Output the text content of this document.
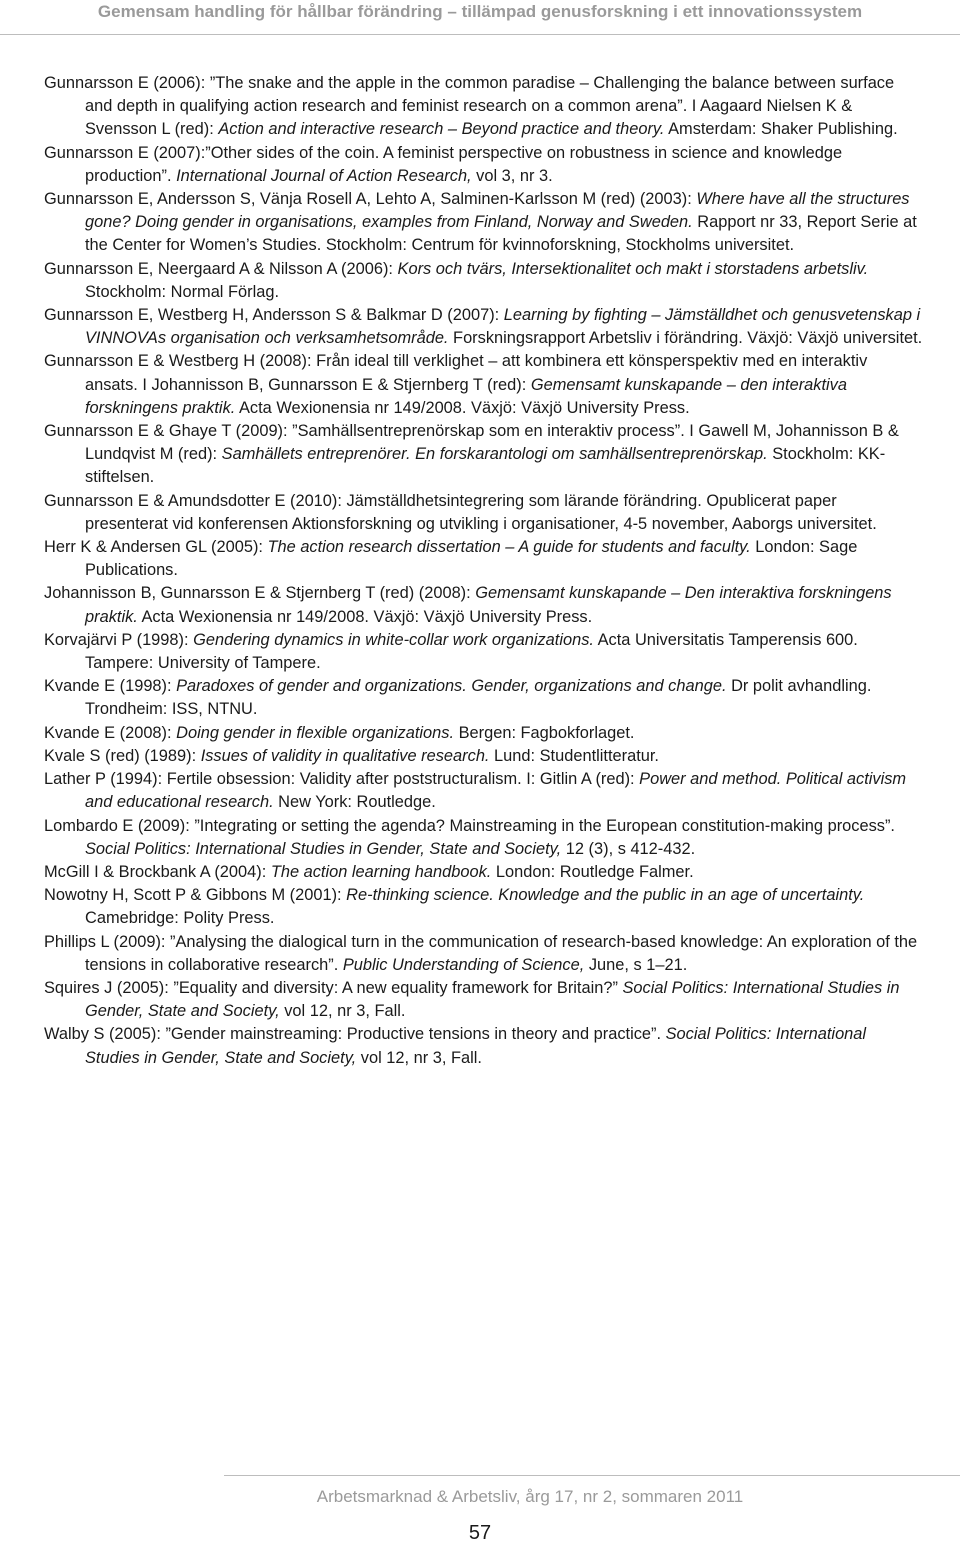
Gemensam handling för hållbar förändring – tillämpad genusforskning i ett innovationssystem

Gunnarsson E (2006): ”The snake and the apple in the common paradise – Challenging the balance between surface and depth in qualifying action research and feminist research on a common arena”. I Aagaard Nielsen K & Svensson L (red): Action and interactive research – Beyond practice and theory. Amsterdam: Shaker Publishing.

Gunnarsson E (2007):”Other sides of the coin. A feminist perspective on robustness in science and knowledge production”. International Journal of Action Research, vol 3, nr 3.

Gunnarsson E, Andersson S, Vänja Rosell A, Lehto A, Salminen-Karlsson M (red) (2003): Where have all the structures gone? Doing gender in organisations, examples from Finland, Norway and Sweden. Rapport nr 33, Report Serie at the Center for Women’s Studies. Stockholm: Centrum för kvinnoforskning, Stockholms universitet.

Gunnarsson E, Neergaard A & Nilsson A (2006): Kors och tvärs, Intersektionalitet och makt i storstadens arbetsliv. Stockholm: Normal Förlag.

Gunnarsson E, Westberg H, Andersson S & Balkmar D (2007): Learning by fighting – Jämställdhet och genusvetenskap i VINNOVAs organisation och verksamhetsområde. Forskningsrapport Arbetsliv i förändring. Växjö: Växjö universitet.

Gunnarsson E & Westberg H (2008): Från ideal till verklighet – att kombinera ett könsperspektiv med en interaktiv ansats. I Johannisson B, Gunnarsson E & Stjernberg T (red): Gemensamt kunskapande – den interaktiva forskningens praktik. Acta Wexionensia nr 149/2008. Växjö: Växjö University Press.

Gunnarsson E & Ghaye T (2009): ”Samhällsentreprenörskap som en interaktiv process”. I Gawell M, Johannisson B & Lundqvist M (red): Samhällets entreprenörer. En forskarantologi om samhällsentreprenörskap. Stockholm: KK-stiftelsen.

Gunnarsson E & Amundsdotter E (2010): Jämställdhetsintegrering som lärande förändring. Opublicerat paper presenterat vid konferensen Aktionsforskning og utvikling i organisationer, 4-5 november, Aaborgs universitet.

Herr K & Andersen GL (2005): The action research dissertation – A guide for students and faculty. London: Sage Publications.

Johannisson B, Gunnarsson E & Stjernberg T (red) (2008): Gemensamt kunskapande – Den interaktiva forskningens praktik. Acta Wexionensia nr 149/2008. Växjö: Växjö University Press.

Korvajärvi P (1998): Gendering dynamics in white-collar work organizations. Acta Universitatis Tamperensis 600. Tampere: University of Tampere.

Kvande E (1998): Paradoxes of gender and organizations. Gender, organizations and change. Dr polit avhandling. Trondheim: ISS, NTNU.

Kvande E (2008): Doing gender in flexible organizations. Bergen: Fagbokforlaget.

Kvale S (red) (1989): Issues of validity in qualitative research. Lund: Studentlitteratur.

Lather P (1994): Fertile obsession: Validity after poststructuralism. I: Gitlin A (red): Power and method. Political activism and educational research. New York: Routledge.

Lombardo E (2009): ”Integrating or setting the agenda? Mainstreaming in the European constitution-making process”. Social Politics: International Studies in Gender, State and Society, 12 (3), s 412-432.

McGill I & Brockbank A (2004): The action learning handbook. London: Routledge Falmer.

Nowotny H, Scott P & Gibbons M (2001): Re-thinking science. Knowledge and the public in an age of uncertainty. Camebridge: Polity Press.

Phillips L (2009): ”Analysing the dialogical turn in the communication of research-based knowledge: An exploration of the tensions in collaborative research”. Public Understanding of Science, June, s 1–21.

Squires J (2005): ”Equality and diversity: A new equality framework for Britain?” Social Politics: International Studies in Gender, State and Society, vol 12, nr 3, Fall.

Walby S (2005): ”Gender mainstreaming: Productive tensions in theory and practice”. Social Politics: International Studies in Gender, State and Society, vol 12, nr 3, Fall.

Arbetsmarknad & Arbetsliv, årg 17, nr 2, sommaren 2011
57
